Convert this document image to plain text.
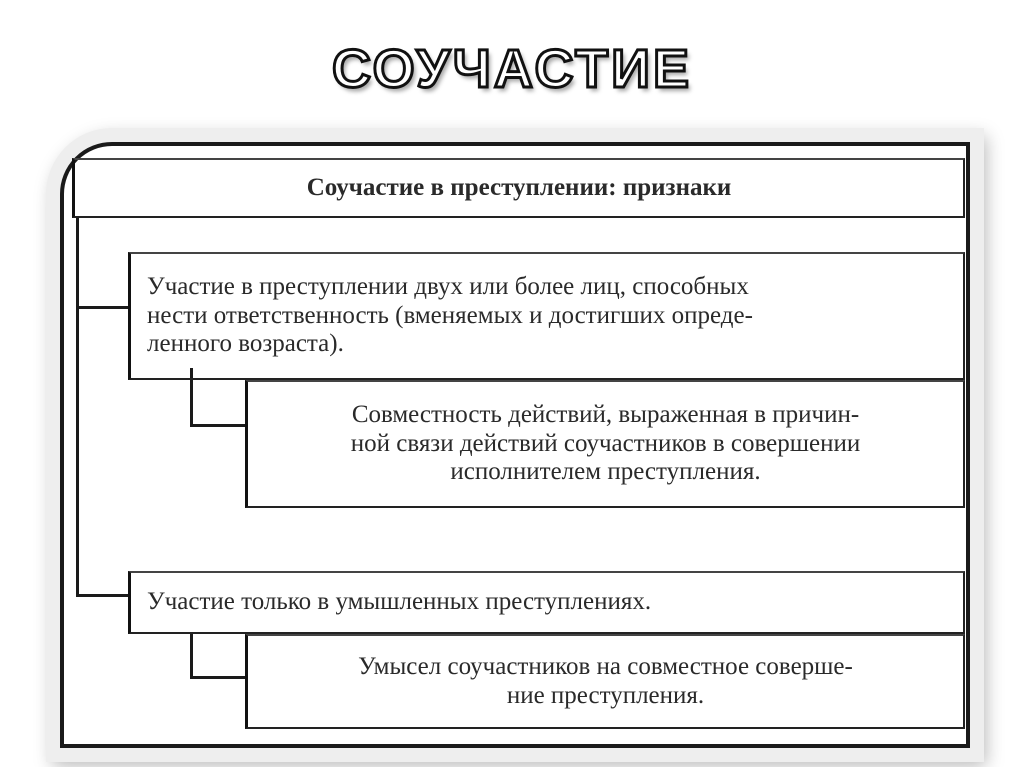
СОУЧАСТИЕ
Соучастие в преступлении: признаки
Участие в преступлении двух или более лиц, способных
нести ответственность (вменяемых и достигших опреде-
ленного возраста).
Совместность действий, выраженная в причин-
ной связи действий соучастников в совершении
исполнителем преступления.
Участие только в умышленных преступлениях.
Умысел соучастников на совместное соверше-
ние преступления.
